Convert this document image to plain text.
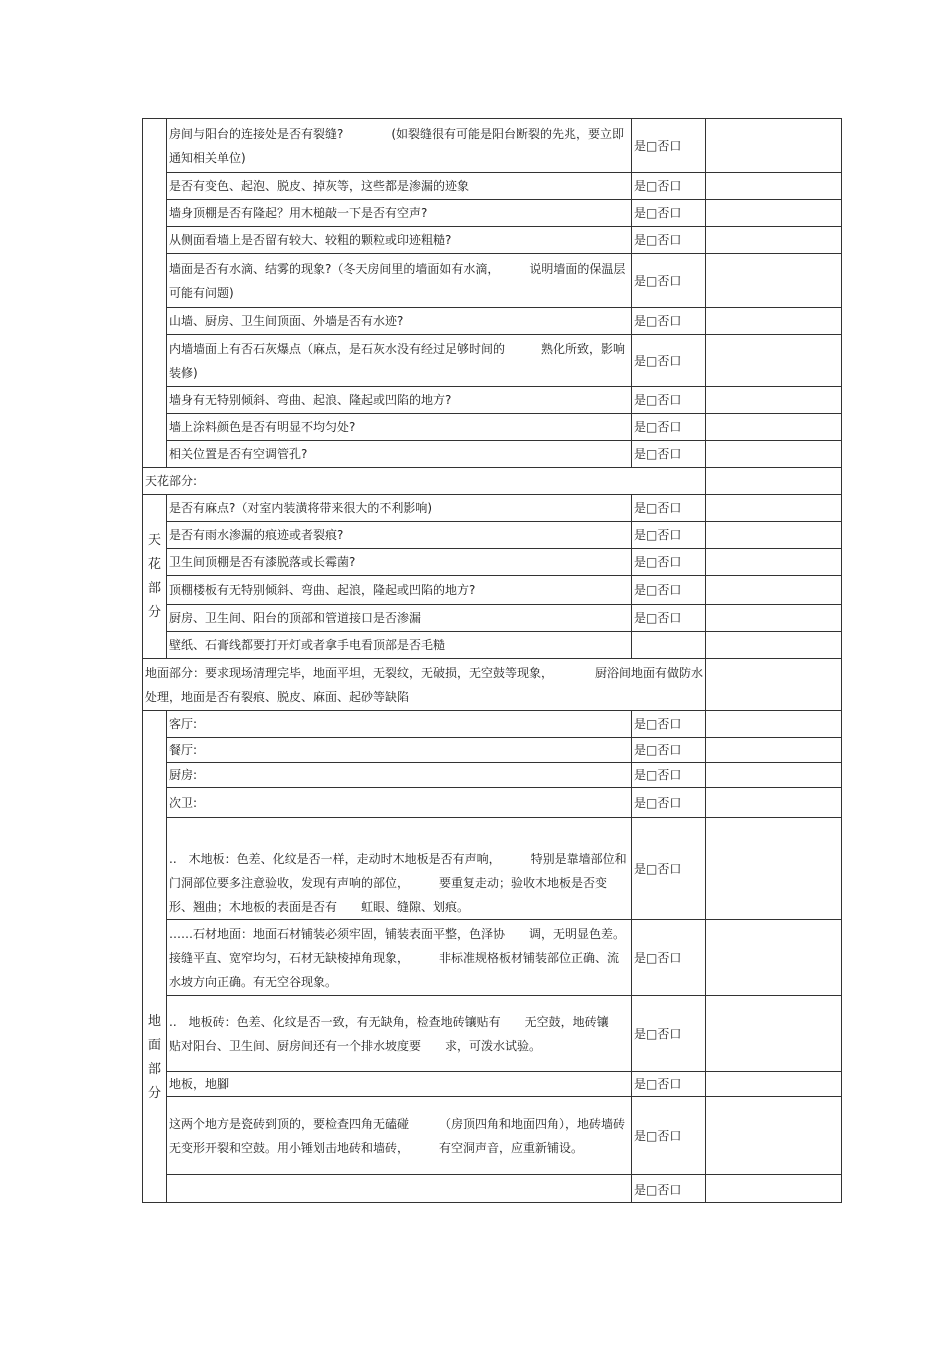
	房间与阳台的连接处是否有裂缝?　　　　(如裂缝很有可能是阳台断裂的先兆，要立即通知相关单位)	是□否口	
	是否有变色、起泡、脱皮、掉灰等，这些都是渗漏的迹象	是□否口	
	墙身顶棚是否有隆起？用木槌敲一下是否有空声?	是□否口	
	从侧面看墙上是否留有较大、较粗的颗粒或印迹粗糙?	是□否口	
	墙面是否有水滴、结雾的现象?（冬天房间里的墙面如有水滴，　　　说明墙面的保温层可能有问题)	是□否口	
	山墙、厨房、卫生间顶面、外墙是否有水迹?	是□否口	
	内墙墙面上有否石灰爆点（麻点，是石灰水没有经过足够时间的　　　熟化所致，影响装修)	是□否口	
	墙身有无特别倾斜、弯曲、起浪、隆起或凹陷的地方?	是□否口	
	墙上涂料颜色是否有明显不均匀处?	是□否口	
	相关位置是否有空调管孔?	是□否口	
天花部分:			

天
花
部
分	是否有麻点?（对室内装潢将带来很大的不利影响)	是□否口	
	是否有雨水渗漏的痕迹或者裂痕?	是□否口	
	卫生间顶棚是否有漆脱落或长霉菌?	是□否口	
	顶棚楼板有无特别倾斜、弯曲、起浪，隆起或凹陷的地方?	是□否口	
	厨房、卫生间、阳台的顶部和管道接口是否渗漏	是□否口	
	壁纸、石膏线都要打开灯或者拿手电看顶部是否毛糙		
地面部分：要求现场清理完毕，地面平坦，无裂纹，无破损，无空鼓等现象，　　　　厨浴间地面有做防水处理，地面是否有裂痕、脱皮、麻面、起砂等缺陷			

地
面
部
分	客厅:	是□否口	
	餐厅:	是□否口	
	厨房:	是□否口	
	次卫:	是□否口	
	..　木地板：色差、化纹是否一样，走动时木地板是否有声响，　　　特别是靠墙部位和门洞部位要多注意验收，发现有声响的部位，　　　要重复走动；验收木地板是否变形、翘曲；木地板的表面是否有　　虹眼、缝隙、划痕。	是□否口	
	……石材地面：地面石材铺装必须牢固，铺装表面平整，色泽协　　调，无明显色差。接缝平直、宽窄均匀，石材无缺棱掉角现象，　　　非标准规格板材铺装部位正确、流水坡方向正确。有无空谷现象。	是□否口	
	..　地板砖：色差、化纹是否一致，有无缺角，检查地砖镶贴有　　无空鼓，地砖镶　贴对阳台、卫生间、厨房间还有一个排水坡度要　　求，可泼水试验。	是□否口	
	地板，地腳	是□否口	
	这两个地方是瓷砖到顶的，要检查四角无磕碰　　　（房顶四角和地面四角），地砖墙砖无变形开裂和空鼓。用小锤划击地砖和墙砖，　　　有空洞声音，应重新铺设。	是□否口	
		是□否口	
